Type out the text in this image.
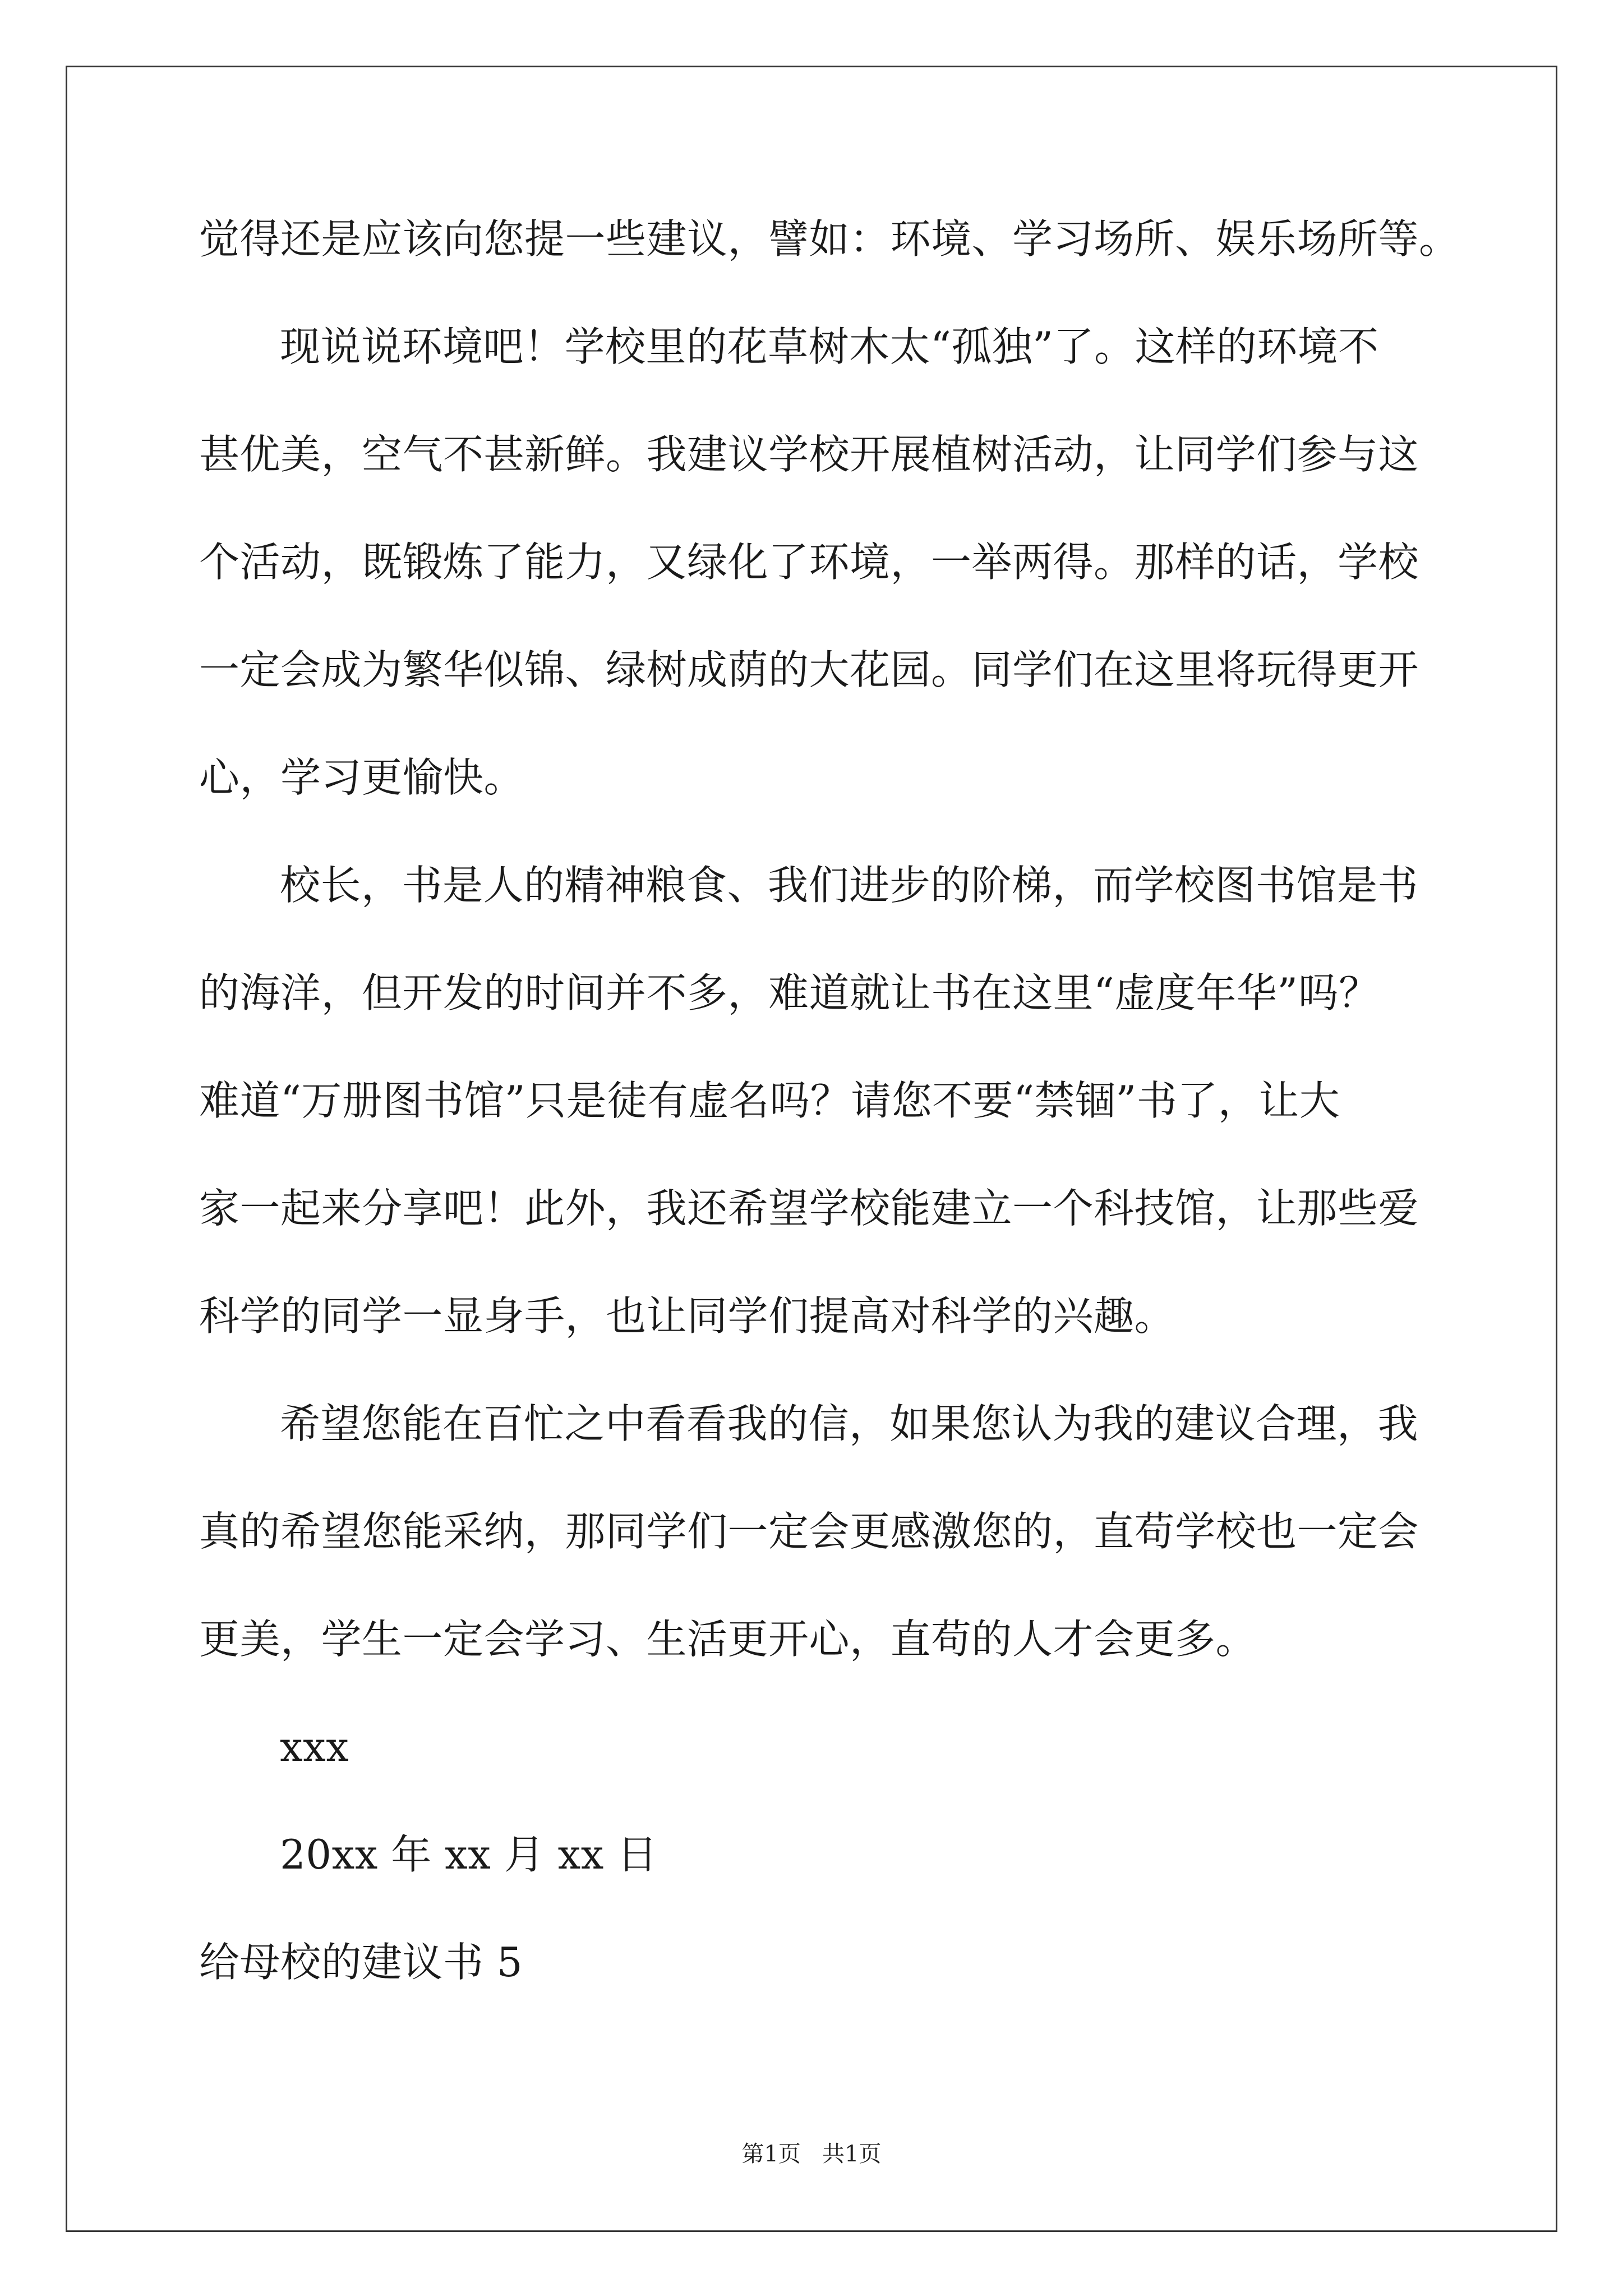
觉得还是应该向您提一些建议，譬如：环境、学习场所、娱乐场所等。
现说说环境吧！学校里的花草树木太“孤独”了。这样的环境不
甚优美，空气不甚新鲜。我建议学校开展植树活动，让同学们参与这
个活动，既锻炼了能力，又绿化了环境，一举两得。那样的话，学校
一定会成为繁华似锦、绿树成荫的大花园。同学们在这里将玩得更开
心，学习更愉快。
校长，书是人的精神粮食、我们进步的阶梯，而学校图书馆是书
的海洋，但开发的时间并不多，难道就让书在这里“虚度年华”吗？
难道“万册图书馆”只是徒有虚名吗？请您不要“禁锢”书了，让大
家一起来分享吧！此外，我还希望学校能建立一个科技馆，让那些爱
科学的同学一显身手，也让同学们提高对科学的兴趣。
希望您能在百忙之中看看我的信，如果您认为我的建议合理，我
真的希望您能采纳，那同学们一定会更感激您的，直苟学校也一定会
更美，学生一定会学习、生活更开心，直苟的人才会更多。
xxx
20xx 年 xx 月 xx 日
给母校的建议书 5
第1页   共1页
